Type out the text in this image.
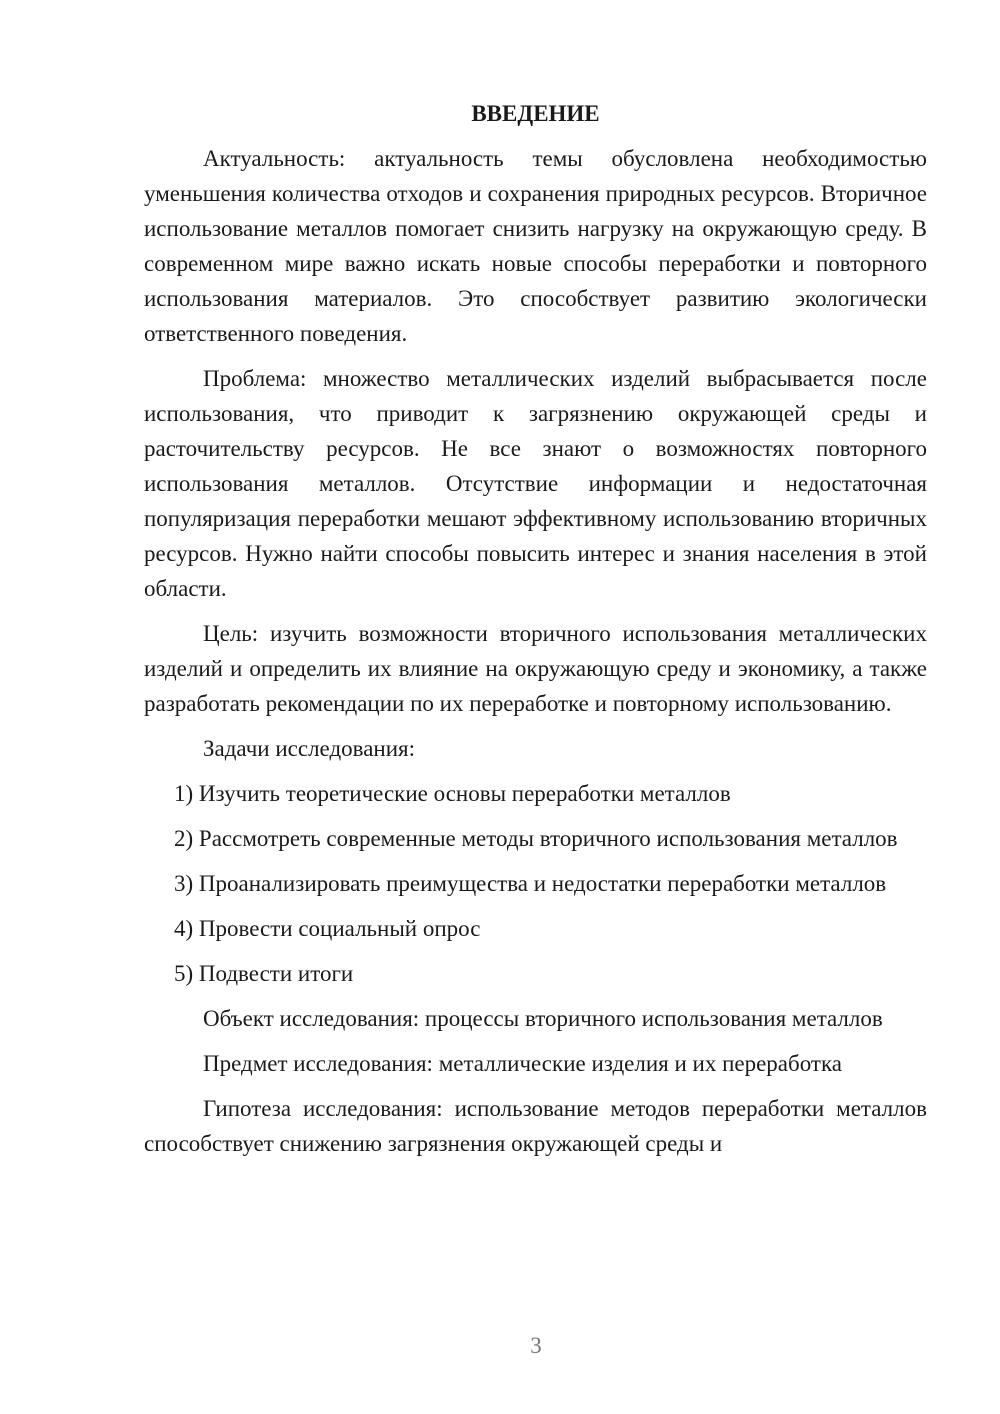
ВВЕДЕНИЕ

Актуальность: актуальность темы обусловлена необходимостью уменьшения количества отходов и сохранения природных ресурсов. Вторичное использование металлов помогает снизить нагрузку на окружающую среду. В современном мире важно искать новые способы переработки и повторного использования материалов. Это способствует развитию экологически ответственного поведения.

Проблема: множество металлических изделий выбрасывается после использования, что приводит к загрязнению окружающей среды и расточительству ресурсов. Не все знают о возможностях повторного использования металлов. Отсутствие информации и недостаточная популяризация переработки мешают эффективному использованию вторичных ресурсов. Нужно найти способы повысить интерес и знания населения в этой области.

Цель: изучить возможности вторичного использования металлических изделий и определить их влияние на окружающую среду и экономику, а также разработать рекомендации по их переработке и повторному использованию.

Задачи исследования:

1) Изучить теоретические основы переработки металлов

2) Рассмотреть современные методы вторичного использования металлов

3) Проанализировать преимущества и недостатки переработки металлов

4) Провести социальный опрос

5) Подвести итоги

Объект исследования: процессы вторичного использования металлов

Предмет исследования: металлические изделия и их переработка

Гипотеза исследования: использование методов переработки металлов способствует снижению загрязнения окружающей среды и

3
